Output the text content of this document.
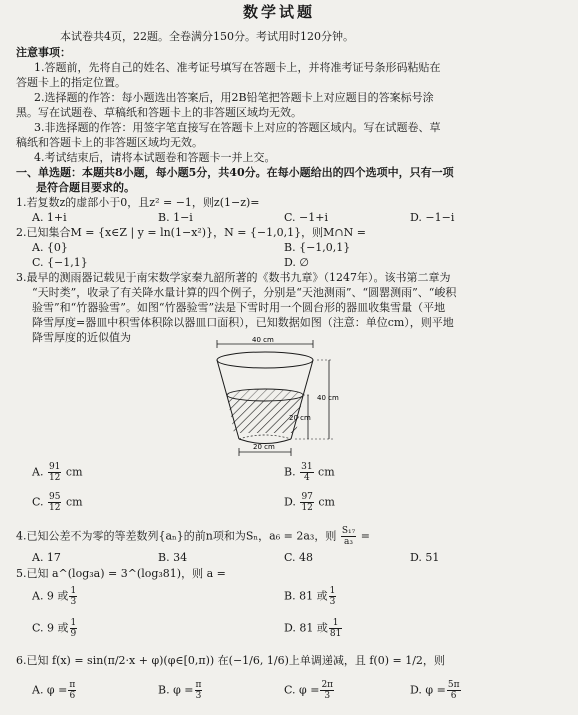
数学试题
本试卷共4页，22题。全卷满分150分。考试用时120分钟。
注意事项：
1.答题前，先将自己的姓名、准考证号填写在答题卡上，并将准考证号条形码粘贴在
答题卡上的指定位置。
2.选择题的作答：每小题选出答案后，用2B铅笔把答题卡上对应题目的答案标号涂
黑。写在试题卷、草稿纸和答题卡上的非答题区域均无效。
3.非选择题的作答：用签字笔直接写在答题卡上对应的答题区域内。写在试题卷、草
稿纸和答题卡上的非答题区域均无效。
4.考试结束后，请将本试题卷和答题卡一并上交。
一、单选题：本题共8小题，每小题5分，共40分。在每小题给出的四个选项中，只有一项
是符合题目要求的。
1.若复数z的虚部小于0，且z² = −1，则z(1−z)=
A. 1+i	B. 1−i	C. −1+i	D. −1−i
2.已知集合M = {x∈Z | y = ln(1−x²)}，N = {−1,0,1}，则M∩N =
A. {0}	B. {−1,0,1}
C. {−1,1}	D. ∅
3.最早的测雨器记载见于南宋数学家秦九韶所著的《数书九章》（1247年）。该书第二章为
“天时类”，收录了有关降水量计算的四个例子，分别是“天池测雨”、“圆罂测雨”、“峻积
验雪”和“竹器验雪”。如图“竹器验雪”法是下雪时用一个圆台形的器皿收集雪量（平地
降雪厚度=器皿中积雪体积除以器皿口面积），已知数据如图（注意：单位cm），则平地
降雪厚度的近似值为	40 cm
40 cm
20 cm
20 cm
A. $\frac{91}{12}$ cm	B. $\frac{31}{4}$ cm
C. $\frac{95}{12}$ cm	D. $\frac{97}{12}$ cm
4.已知公差不为零的等差数列{aₙ}的前n项和为Sₙ，a₆ = 2a₃，则 $\frac{\text{S₁₇}}{\text{a₃}}$ =
A. 17	B. 34	C. 48	D. 51
5.已知 a^(log₃a) = 3^(log₃81)，则 a =
A. 9 或 $\frac{1}{3}$	B. 81 或 $\frac{1}{3}$
C. 9 或 $\frac{1}{9}$	D. 81 或 $\frac{1}{81}$
6.已知 f(x) = sin(π/2·x + φ)(φ∈[0,π)) 在(−1/6, 1/6)上单调递减，且 f(0) = 1/2，则
A. $\varphi = \frac{\pi}{6}$	B. $\varphi = \frac{\pi}{3}$	C. $\varphi = \frac{2\pi}{3}$	D. $\varphi = \frac{5\pi}{6}$
